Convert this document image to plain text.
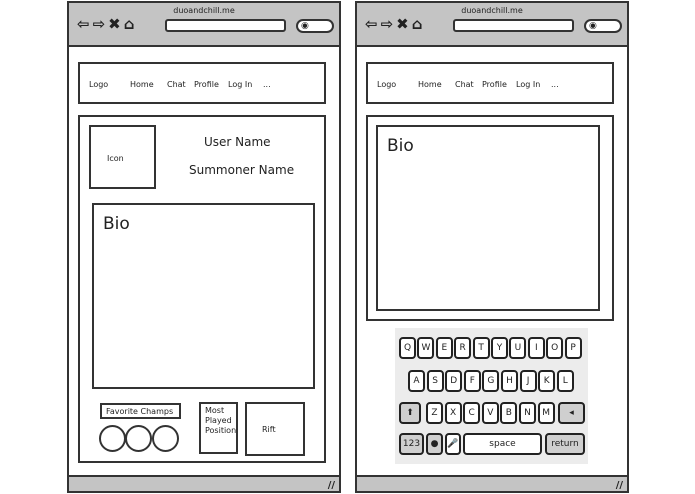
duoandchill.me
⇦⇨✖⌂	◉
//
Logo	Home Chat Profile Log In ...
Icon
User Name
Summoner Name
Bio
Favorite Champs	Most Played Position	Rift
duoandchill.me
⇦⇨✖⌂	◉
//
Logo	Home Chat Profile Log In ...
Bio
Q	W	E	R	T	Y	U	I	O	P
A	S	D	F	G	H	J	K	L
⬆	Z	X	C	V	B	N	M	◂
123	● 🎤	space	return
